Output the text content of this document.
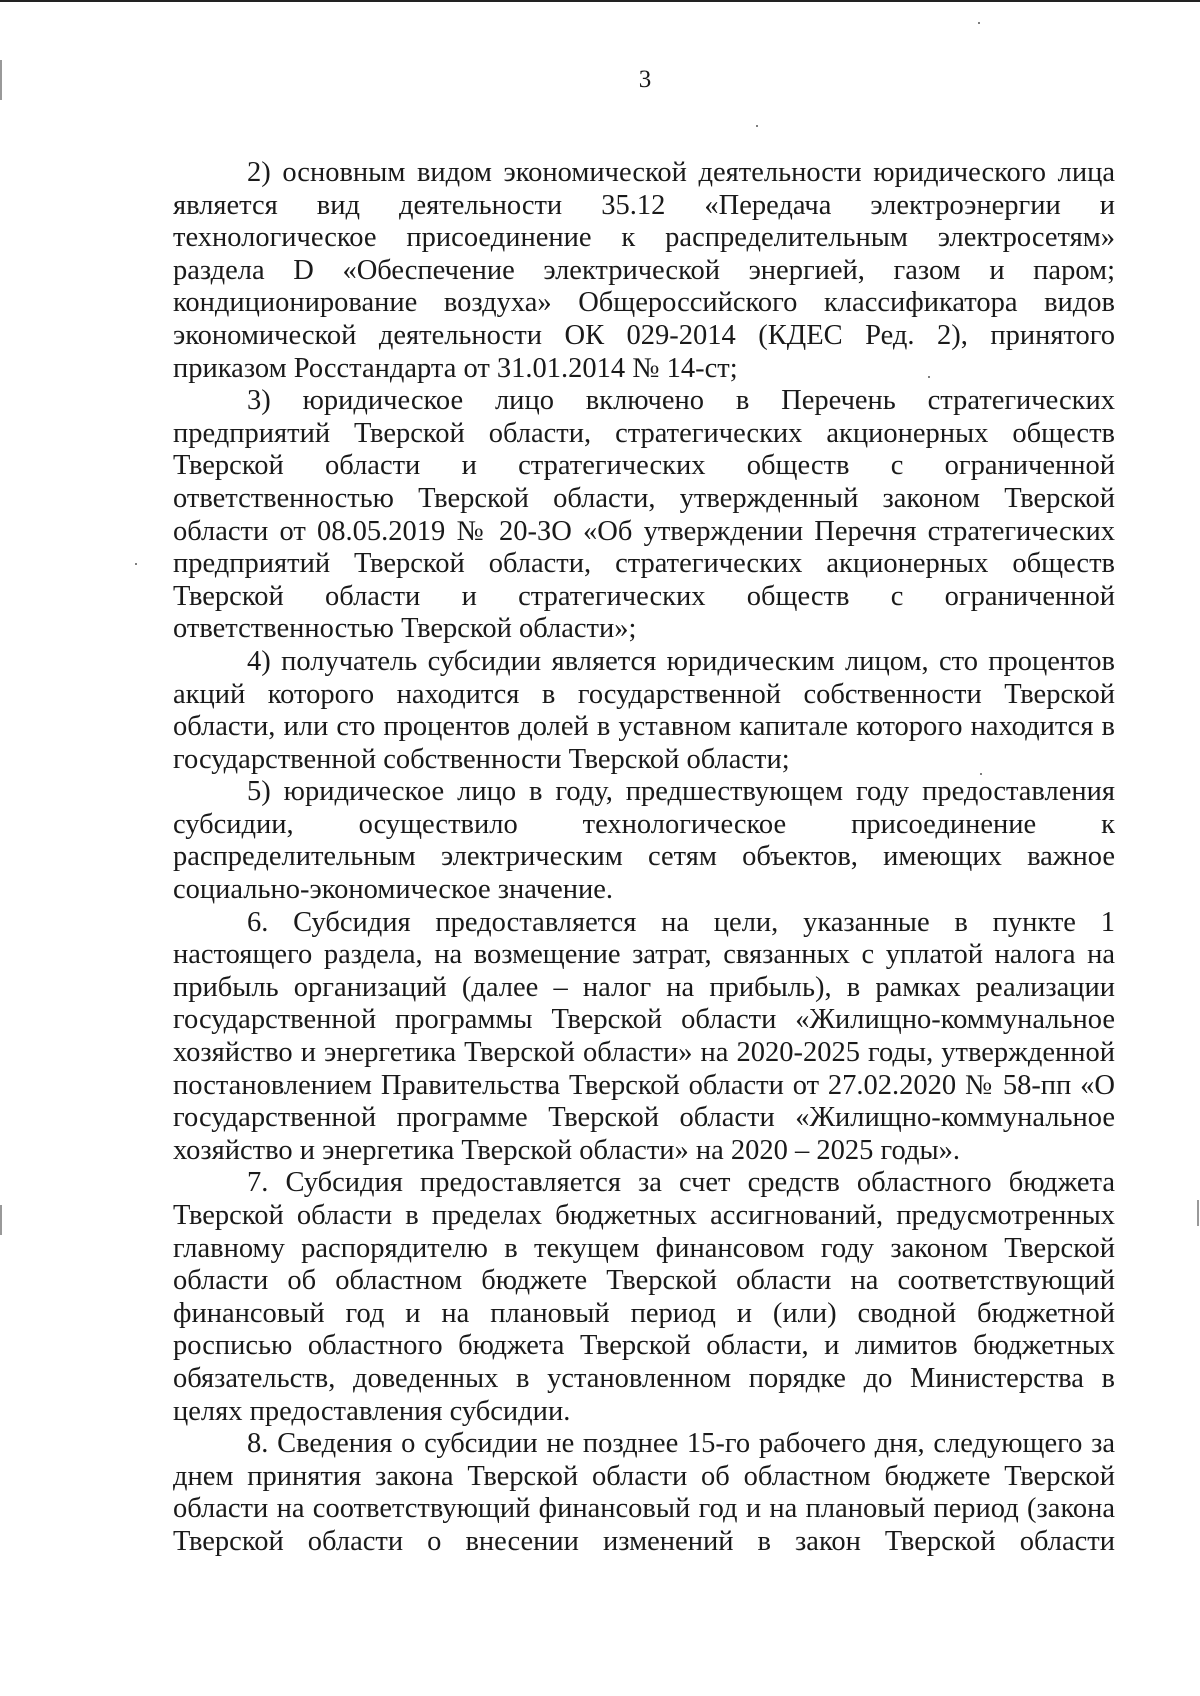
3

2) основным видом экономической деятельности юридического лица является вид деятельности 35.12 «Передача электроэнергии и технологическое присоединение к распределительным электросетям» раздела D «Обеспечение электрической энергией, газом и паром; кондиционирование воздуха» Общероссийского классификатора видов экономической деятельности ОК 029-2014 (КДЕС Ред. 2), принятого приказом Росстандарта от 31.01.2014 № 14-ст;

3) юридическое лицо включено в Перечень стратегических предприятий Тверской области, стратегических акционерных обществ Тверской области и стратегических обществ с ограниченной ответственностью Тверской области, утвержденный законом Тверской области от 08.05.2019 № 20-ЗО «Об утверждении Перечня стратегических предприятий Тверской области, стратегических акционерных обществ Тверской области и стратегических обществ с ограниченной ответственностью Тверской области»;

4) получатель субсидии является юридическим лицом, сто процентов акций которого находится в государственной собственности Тверской области, или сто процентов долей в уставном капитале которого находится в государственной собственности Тверской области;

5) юридическое лицо в году, предшествующем году предоставления субсидии, осуществило технологическое присоединение к распределительным электрическим сетям объектов, имеющих важное социально-экономическое значение.

6. Субсидия предоставляется на цели, указанные в пункте 1 настоящего раздела, на возмещение затрат, связанных с уплатой налога на прибыль организаций (далее – налог на прибыль), в рамках реализации государственной программы Тверской области «Жилищно-коммунальное хозяйство и энергетика Тверской области» на 2020-2025 годы, утвержденной постановлением Правительства Тверской области от 27.02.2020 № 58-пп «О государственной программе Тверской области «Жилищно-коммунальное хозяйство и энергетика Тверской области» на 2020 – 2025 годы».

7. Субсидия предоставляется за счет средств областного бюджета Тверской области в пределах бюджетных ассигнований, предусмотренных главному распорядителю в текущем финансовом году законом Тверской области об областном бюджете Тверской области на соответствующий финансовый год и на плановый период и (или) сводной бюджетной росписью областного бюджета Тверской области, и лимитов бюджетных обязательств, доведенных в установленном порядке до Министерства в целях предоставления субсидии.

8. Сведения о субсидии не позднее 15-го рабочего дня, следующего за днем принятия закона Тверской области об областном бюджете Тверской области на соответствующий финансовый год и на плановый период (закона Тверской области о внесении изменений в закон Тверской области
